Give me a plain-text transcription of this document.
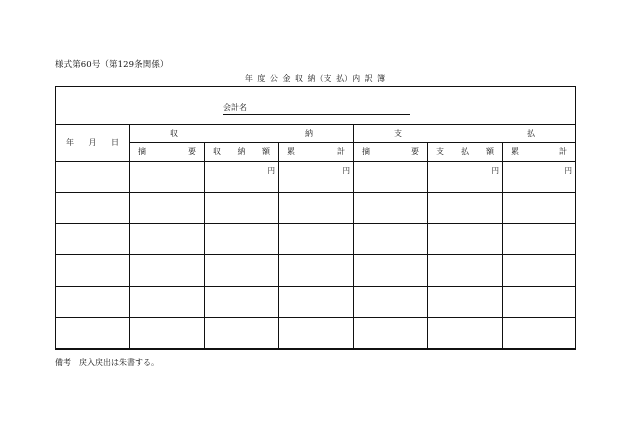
様式第60号（第129条関係）
年 度 公 金 収 納（支 払）内 訳 簿
会計名						

年 月 日	収 納			支 払		

	摘 要	収 納 額	累 計	摘 要	支 払 額	累 計

		円	円		円	円

備考　戻入戻出は朱書する。
